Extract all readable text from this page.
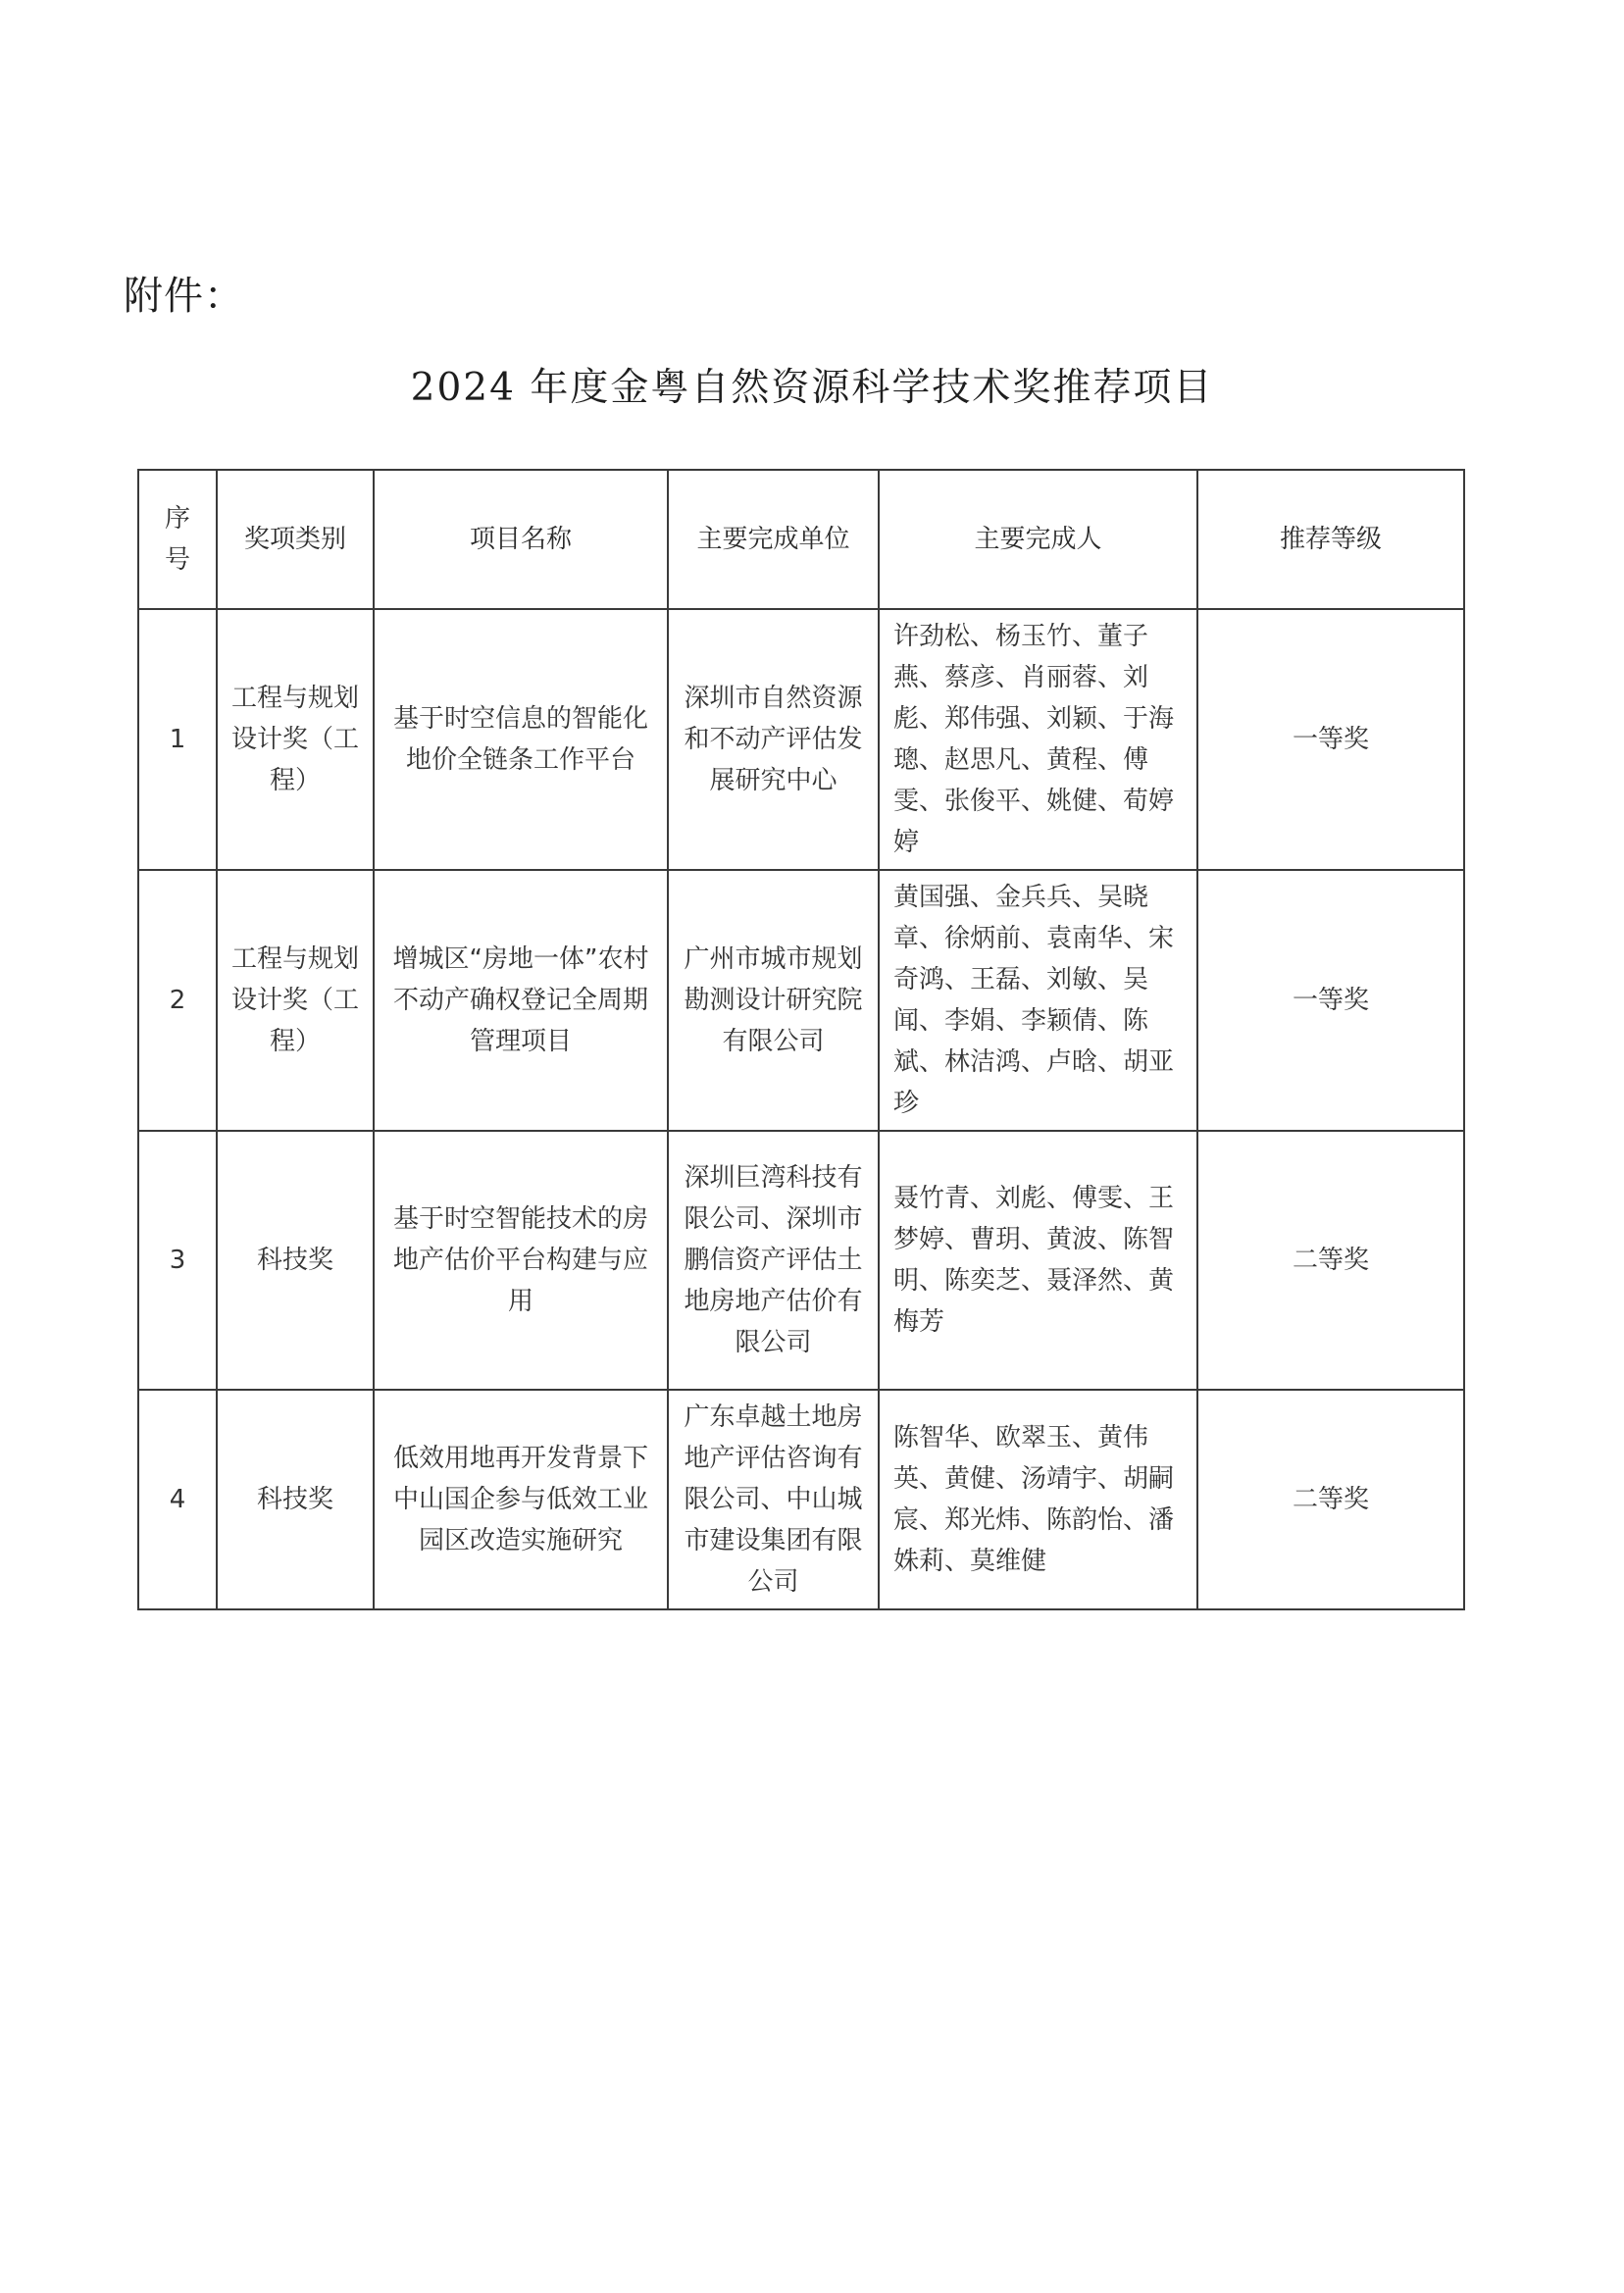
附件：
2024 年度金粤自然资源科学技术奖推荐项目
序号	奖项类别	项目名称	主要完成单位	主要完成人	推荐等级
1	工程与规划设计奖（工程）	基于时空信息的智能化地价全链条工作平台	深圳市自然资源和不动产评估发展研究中心	许劲松、杨玉竹、董子燕、蔡彦、肖丽蓉、刘彪、郑伟强、刘颖、于海璁、赵思凡、黄程、傅雯、张俊平、姚健、荀婷婷	一等奖
2	工程与规划设计奖（工程）	增城区“房地一体”农村不动产确权登记全周期管理项目	广州市城市规划勘测设计研究院有限公司	黄国强、金兵兵、吴晓章、徐炳前、袁南华、宋奇鸿、王磊、刘敏、吴闻、李娟、李颖倩、陈斌、林洁鸿、卢晗、胡亚珍	一等奖
3	科技奖	基于时空智能技术的房地产估价平台构建与应用	深圳巨湾科技有限公司、深圳市鹏信资产评估土地房地产估价有限公司	聂竹青、刘彪、傅雯、王梦婷、曹玥、黄波、陈智明、陈奕芝、聂泽然、黄梅芳	二等奖
4	科技奖	低效用地再开发背景下中山国企参与低效工业园区改造实施研究	广东卓越土地房地产评估咨询有限公司、中山城市建设集团有限公司	陈智华、欧翠玉、黄伟英、黄健、汤靖宇、胡嗣宸、郑光炜、陈韵怡、潘姝莉、莫维健	二等奖
